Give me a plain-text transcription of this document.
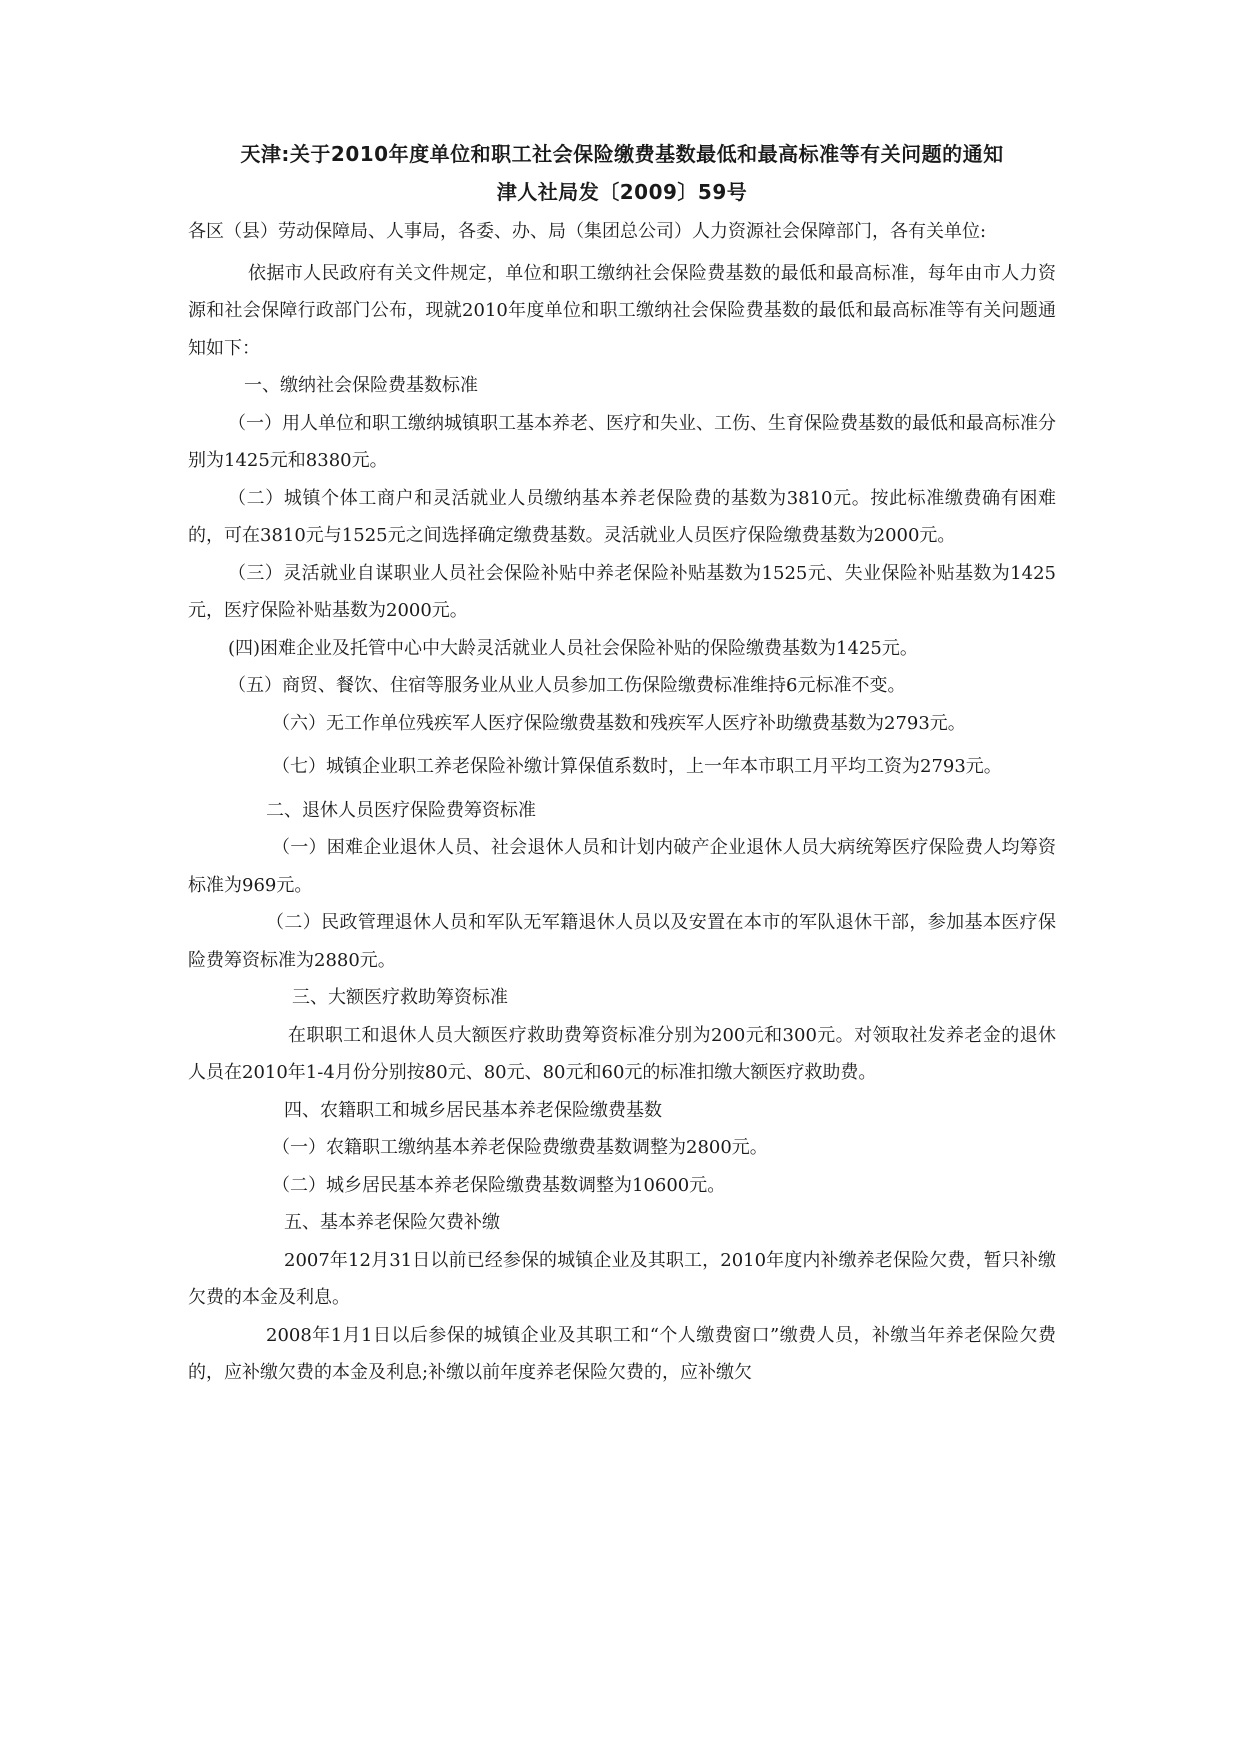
天津:关于2010年度单位和职工社会保险缴费基数最低和最高标准等有关问题的通知
津人社局发〔2009〕59号

各区（县）劳动保障局、人事局，各委、办、局（集团总公司）人力资源社会保障部门，各有关单位:

依据市人民政府有关文件规定，单位和职工缴纳社会保险费基数的最低和最高标准，每年由市人力资源和社会保障行政部门公布，现就2010年度单位和职工缴纳社会保险费基数的最低和最高标准等有关问题通知如下：

一、缴纳社会保险费基数标准

（一）用人单位和职工缴纳城镇职工基本养老、医疗和失业、工伤、生育保险费基数的最低和最高标准分别为1425元和8380元。

（二）城镇个体工商户和灵活就业人员缴纳基本养老保险费的基数为3810元。按此标准缴费确有困难的，可在3810元与1525元之间选择确定缴费基数。灵活就业人员医疗保险缴费基数为2000元。

（三）灵活就业自谋职业人员社会保险补贴中养老保险补贴基数为1525元、失业保险补贴基数为1425元，医疗保险补贴基数为2000元。

(四)困难企业及托管中心中大龄灵活就业人员社会保险补贴的保险缴费基数为1425元。

（五）商贸、餐饮、住宿等服务业从业人员参加工伤保险缴费标准维持6元标准不变。

（六）无工作单位残疾军人医疗保险缴费基数和残疾军人医疗补助缴费基数为2793元。

（七）城镇企业职工养老保险补缴计算保值系数时，上一年本市职工月平均工资为2793元。

二、退休人员医疗保险费筹资标准

（一）困难企业退休人员、社会退休人员和计划内破产企业退休人员大病统筹医疗保险费人均筹资标准为969元。

（二）民政管理退休人员和军队无军籍退休人员以及安置在本市的军队退休干部，参加基本医疗保险费筹资标准为2880元。

三、大额医疗救助筹资标准

在职职工和退休人员大额医疗救助费筹资标准分别为200元和300元。对领取社发养老金的退休人员在2010年1-4月份分别按80元、80元、80元和60元的标准扣缴大额医疗救助费。

四、农籍职工和城乡居民基本养老保险缴费基数

（一）农籍职工缴纳基本养老保险费缴费基数调整为2800元。

（二）城乡居民基本养老保险缴费基数调整为10600元。

五、基本养老保险欠费补缴

2007年12月31日以前已经参保的城镇企业及其职工，2010年度内补缴养老保险欠费，暂只补缴欠费的本金及利息。

2008年1月1日以后参保的城镇企业及其职工和“个人缴费窗口”缴费人员，补缴当年养老保险欠费的，应补缴欠费的本金及利息;补缴以前年度养老保险欠费的，应补缴欠
